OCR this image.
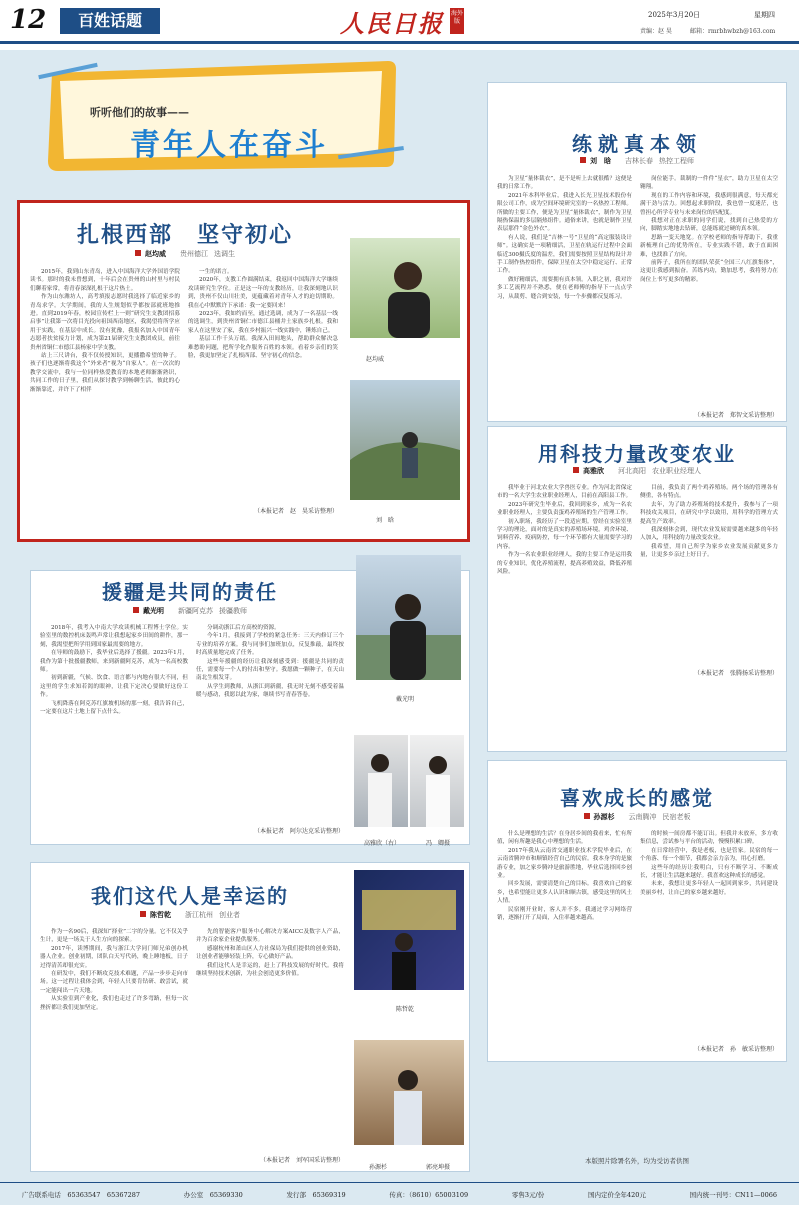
12	百姓话题	人民日报 海外版
2025年3月20日	星期四
责编：赵 昊	邮箱：rmrbhwbzh@163.com
听听他们的故事——
青年人在奋斗
扎根西部　坚守初心
赵均威 贵州德江 选调生

2015年，我到山东青岛，进入中国海洋大学外国语学院读书。那时的我未曾想到，十年后会在贵州的山村里与村民们聊着家常，将青春深深扎根于这片热土。

作为山东潍坊人，高考填报志愿时我选择了临近家乡的青岛求学。大学期间，我的人生规划似乎都按部就班地推进。直到2019年春，校园宣传栏上一则“研究生支教团招募启事”让我第一次将目光投向祖国西南地区，我渴望将所学应用于实践，在基层中成长。没有犹豫，我报名加入中国青年志愿者扶贫接力计划，成为第21届研究生支教团成员，前往贵州省铜仁市德江县杨家中学支教。

站上三尺讲台，我不仅传授知识，更播撒希望的种子。孩子们也逐渐将我这个“外来者”视为“自家人”。在一次次的教学交流中，我与一位同样热爱教育的本地老师渐渐熟识，共同工作的日子里，我们从探讨教学到畅聊生活，彼此的心渐渐靠近，并许下了相伴

一生的诺言。

2020年，支教工作圆满结束，我返回中国海洋大学继续攻读研究生学位。正是这一年的支教经历，让我深刻地认识到，贵州不仅山川壮美，更蕴藏着对青年人才的迫切期盼。我在心中默默许下承诺：我一定要回来！

2023年，我如约而至，通过选调，成为了一名基层一线的选调生，到贵州省铜仁市德江县桶井土家族乡扎根。我和家人在这里安了家，我在乡村振兴一线实践中，锤炼自己。

基层工作千头万绪。我深入田间地头，帮助群众解决急难愁盼问题，把所学化作服务百姓的本领。看着乡亲们的笑脸，我更加坚定了扎根西部、坚守初心的信念。

（本报记者　赵　昊采访整理）
赵均威
刘　晗
练就真本领
刘　晗 吉林长春 热控工程师

为卫星“量体裁衣”，是不是听上去就很酷？这便是我的日常工作。

2021年本科毕业后，我进入长光卫星技术股份有限公司工作，成为空间环境研究室的一名热控工程师。所做的主要工作，便是为卫星“量体裁衣”，制作为卫星隔热保温的多层隔热组件。通俗来讲，也就是制作卫星表层那件“金色外衣”。

有人说，我们是“吉林一号”卫星的“高定服装设计师”。这确实是一项精细活，卫星在轨运行过程中会面临近300摄氏度的温差，我们需要按照卫星结构设计并手工制作热控组件，保障卫星在太空中稳定运行、正常工作。

做好精细活，需要拥有真本领。入职之初，我对许多工艺流程并不熟悉，便在老师傅的指导下一点点学习，从裁剪、缝合到安装，每一个步骤都反复练习。

岗位能手。裁制的一件件“星衣”，助力卫星在太空翱翔。

现在的工作内容和环境，我感到很满意，每天都充满干劲与活力。回想起求职阶段，我也曾一度迷茫，也曾担心所学专业与未来岗位的匹配度。

我想对正在求职的同学们说，找到自己热爱的方向，脚踏实地地去钻研，总能练就过硬的真本领。

思路一变天地宽。在学校老师的指导帮助下，我重新梳理自己的优势所在，专业实践不错，敢于直面困难，也找准了方向。

前阵子，我所在的团队荣获“全国三八红旗集体”，这更让我感到振奋。苦练内功，勤加思考，我将努力在岗位上书写更多的精彩。

（本报记者　郑智文采访整理）
用科技力量改变农业
高雅欣 河北高阳 农业职业经理人

我毕业于河北农业大学兽医专业。作为河北省保定市的一名大学生农业职业经理人，目前在高阳县工作。

2023年研究生毕业后，我回到家乡，成为一名农业职业经理人，主要负责蛋鸡养殖场的生产管理工作。

初入职场，我经历了一段适应期。曾经在实验室里学习的理论，面对的是真实的养殖场环境。鸡舍环境、饲料营养、疫病防控，每一个环节都有大量需要学习的内容。

作为一名农业职业经理人，我的主要工作是运用我的专业知识，优化养殖流程，提高养殖效益，降低养殖风险。

目前，我负责了两个鸡养殖场。两个场的管理各有侧重，各有特点。

去年，为了助力养殖场的技术提升，我参与了一项科技攻关项目，在研究中学以致用，用科学的管理方式提高生产效率。

我深刻体会到，现代农业发展需要越来越多的年轻人加入，用科技的力量改变农业。

我希望，用自己所学为家乡农业发展贡献更多力量，让更多乡亲过上好日子。

（本报记者　张腾扬采访整理）
援疆是共同的责任
戴光明 新疆阿克苏 援疆教师

2018年，我考入中南大学攻读机械工程博士学位。实验室里的数控机床轰鸣声常让我想起家乡田间的耕作，那一刻，我渴望把所学用到国家最需要的地方。

在导师的鼓励下，我毕业后选择了援疆。2023年1月，我作为第十批援疆教师，来到新疆阿克苏，成为一名高校教师。

初到新疆，气候、饮食、语言都与内地有很大不同，但这里的学生求知若渴的眼神，让我下定决心要做好这份工作。

飞机降落在阿克苏红旗坡机场的那一刻，我告诉自己，一定要在这片土地上留下点什么。

分调动浙江后方高校的资源。

今年1月，我接到了学校的紧急任务：三天内修订三个专业的培养方案。我与同事们加班加点，反复推敲，最终按时高质量地完成了任务。

这些年援疆的经历让我深刻感受到：援疆是共同的责任，需要每一个人的付出和坚守。我愿做一颗种子，在天山南北生根发芽。

从学生到教师，从浙江到新疆，我无时无刻不感受着温暖与感动，我愿以此为家，继续书写青春答卷。

（本报记者　阿尔达克采访整理）
戴光明
高雅欣（右）	冯　卿摄
喜欢成长的感觉
孙源杉 云南腾冲 民宿老板

什么是理想的生活？在身居乡间的我看来，忙有所值，闲有所趣是我心中理想的生活。

2017年我从云南省交通职业技术学院毕业后，在云南省腾冲市和顺镇经营自己的民宿。我本身学的是旅游专业，加之家乡腾冲是旅游胜地，毕业后选择回乡创业。

回乡发展，需要清楚自己的目标。我喜欢自己的家乡，也希望能让更多人认识和顺古镇，感受这里的风土人情。

民宿刚开业时，客人并不多。我通过学习网络营销，逐渐打开了局面，入住率越来越高。

的时候一间房都不能订出。但我并未放弃，多方收集信息，尝试参与平台的活动，慢慢积累口碑。

在日常经营中，我是老板，也是管家。民宿的每一个角落、每一个细节，我都会亲力亲为，用心打磨。

这些年的经历让我明白，只有不断学习、不断成长，才能让生活越来越好。我喜欢这种成长的感觉。

未来，我想让更多年轻人一起回到家乡，共同建设美丽乡村，让自己的家乡越来越好。

（本报记者　孙　敏采访整理）
我们这代人是幸运的
陈哲乾 浙江杭州 创业者

作为一名90后，我深知“择业”二字的分量。它不仅关乎生计，更是一场关于人生方向的探索。

2017年，读博期间，我与浙江大学同门师兄弟创办机器人企业。创业初期，团队白天写代码，晚上睡地板，日子过得清苦却很充实。

在研发中，我们不断攻克技术难题，产品一步步走向市场。这一过程让我体会到，年轻人只要肯钻研、敢尝试，就一定能闯出一片天地。

从实验室到产业化，我们也走过了许多弯路，但每一次挫折都让我们更加坚定。

先的智能客户服务中心解决方案AICC及数字人产品，并为百余家企业提供服务。

感谢杭州和萧山区人力社保局为我们提供的创业资助，让创业者能够轻装上阵，专心做好产品。

我们这代人是幸运的，赶上了科技发展的好时代。我将继续坚持技术创新，为社会创造更多价值。

（本报记者　刘军国采访整理）
陈哲乾
孙源杉	郭亮坤摄
本版照片除署名外，均为受访者供图
广告联系电话　65363547　65367287	办公室　65369330	发行部　65369319	传真：（8610）65003109	零售3元/份	国内定价全年420元	国内统一刊号：CN11—0066
